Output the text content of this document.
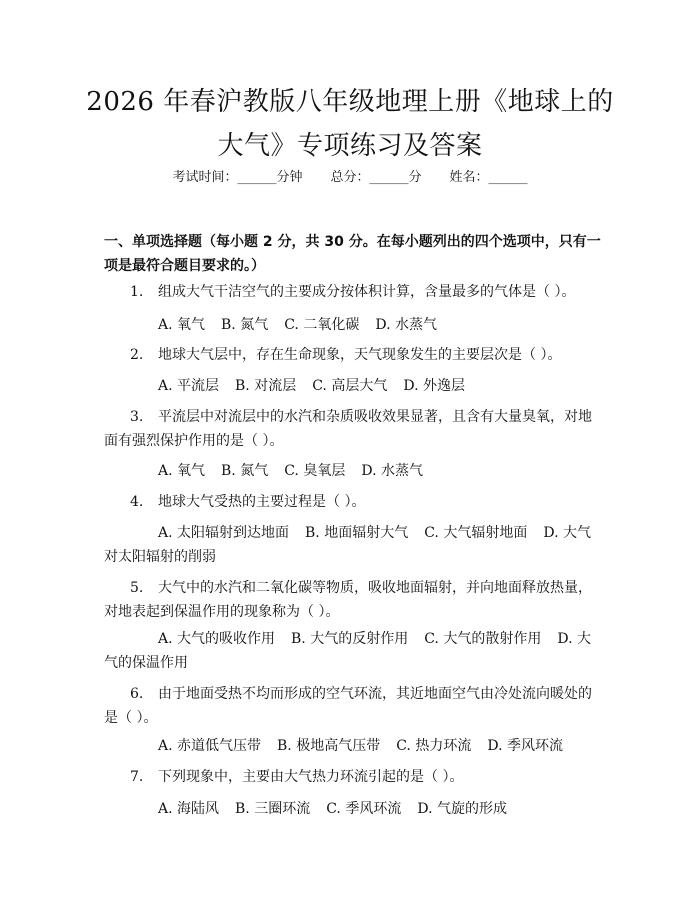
2026 年春沪教版八年级地理上册《地球上的
大气》专项练习及答案
考试时间：______分钟 总分：______分 姓名：______
一、单项选择题（每小题 2 分，共 30 分。在每小题列出的四个选项中，只有一项是最符合题目要求的。）
1. 组成大气干洁空气的主要成分按体积计算，含量最多的气体是（ ）。
A. 氧气 B. 氮气 C. 二氧化碳 D. 水蒸气
2. 地球大气层中，存在生命现象，天气现象发生的主要层次是（ ）。
A. 平流层 B. 对流层 C. 高层大气 D. 外逸层
3. 平流层中对流层中的水汽和杂质吸收效果显著，且含有大量臭氧，对地面有强烈保护作用的是（ ）。
A. 氧气 B. 氮气 C. 臭氧层 D. 水蒸气
4. 地球大气受热的主要过程是（ ）。
A. 太阳辐射到达地面 B. 地面辐射大气 C. 大气辐射地面 D. 大气对太阳辐射的削弱
5. 大气中的水汽和二氧化碳等物质，吸收地面辐射，并向地面释放热量，对地表起到保温作用的现象称为（ ）。
A. 大气的吸收作用 B. 大气的反射作用 C. 大气的散射作用 D. 大气的保温作用
6. 由于地面受热不均而形成的空气环流，其近地面空气由冷处流向暖处的是（ ）。
A. 赤道低气压带 B. 极地高气压带 C. 热力环流 D. 季风环流
7. 下列现象中，主要由大气热力环流引起的是（ ）。
A. 海陆风 B. 三圈环流 C. 季风环流 D. 气旋的形成
